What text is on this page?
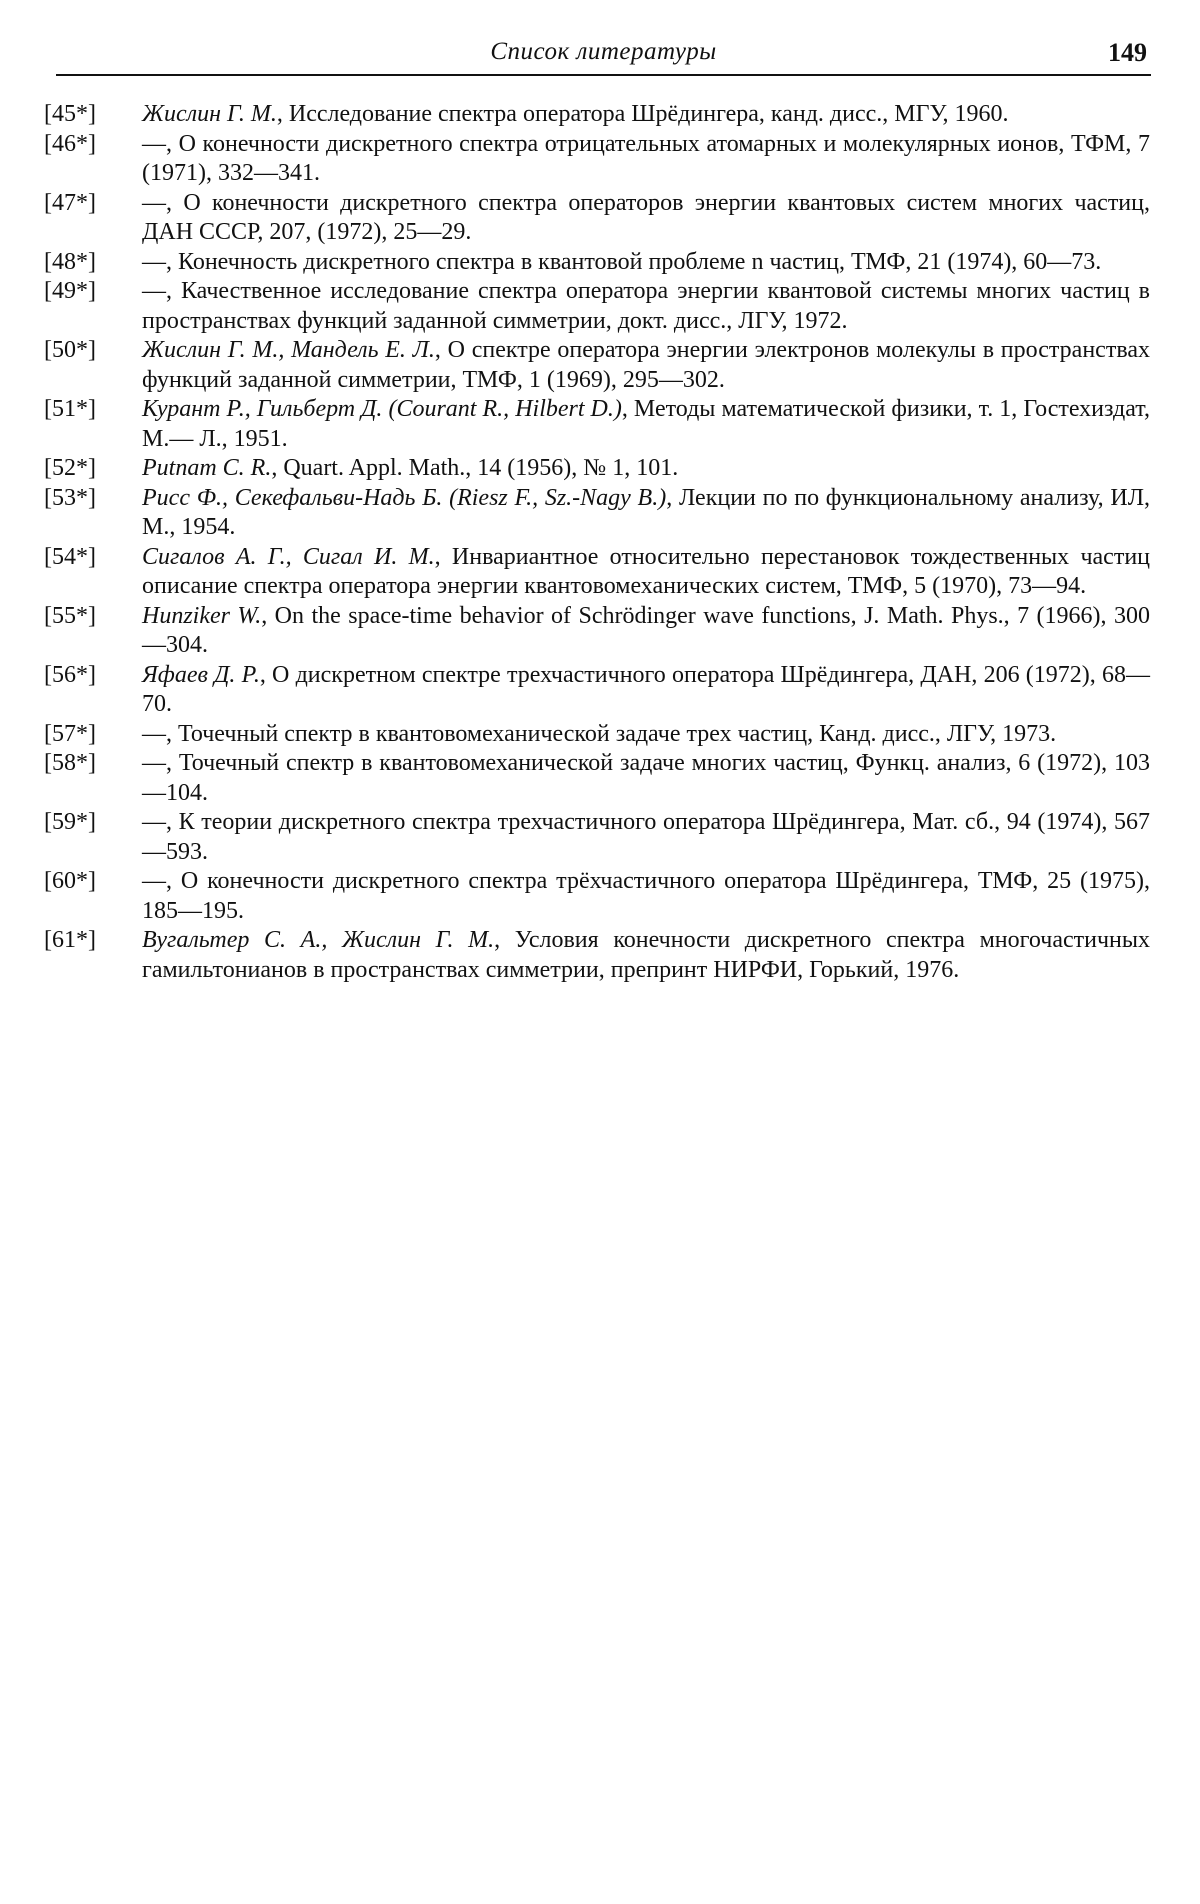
Список литературы	149
[45*]	Жислин Г. М., Исследование спектра оператора Шрёдингера, канд. дисс., МГУ, 1960.
[46*]	—, О конечности дискретного спектра отрицательных атомарных и молекулярных ионов, ТФМ, 7 (1971), 332—341.
[47*]	—, О конечности дискретного спектра операторов энергии квантовых систем многих частиц, ДАН СССР, 207, (1972), 25—29.
[48*]	—, Конечность дискретного спектра в квантовой проблеме n частиц, ТМФ, 21 (1974), 60—73.
[49*]	—, Качественное исследование спектра оператора энергии квантовой системы многих частиц в пространствах функций заданной симметрии, докт. дисс., ЛГУ, 1972.
[50*]	Жислин Г. М., Мандель Е. Л., О спектре оператора энергии электронов молекулы в пространствах функций заданной симметрии, ТМФ, 1 (1969), 295—302.
[51*]	Курант Р., Гильберт Д. (Courant R., Hilbert D.), Методы математической физики, т. 1, Гостехиздат, М.— Л., 1951.
[52*]	Putnam C. R., Quart. Appl. Math., 14 (1956), № 1, 101.
[53*]	Рисс Ф., Секефальви-Надь Б. (Riesz F., Sz.-Nagy B.), Лекции по по функциональному анализу, ИЛ, М., 1954.
[54*]	Сигалов А. Г., Сигал И. М., Инвариантное относительно перестановок тождественных частиц описание спектра оператора энергии квантовомеханических систем, ТМФ, 5 (1970), 73—94.
[55*]	Hunziker W., On the space-time behavior of Schrödinger wave functions, J. Math. Phys., 7 (1966), 300—304.
[56*]	Яфаев Д. Р., О дискретном спектре трехчастичного оператора Шрёдингера, ДАН, 206 (1972), 68—70.
[57*]	—, Точечный спектр в квантовомеханической задаче трех частиц, Канд. дисс., ЛГУ, 1973.
[58*]	—, Точечный спектр в квантовомеханической задаче многих частиц, Функц. анализ, 6 (1972), 103—104.
[59*]	—, К теории дискретного спектра трехчастичного оператора Шрёдингера, Мат. сб., 94 (1974), 567—593.
[60*]	—, О конечности дискретного спектра трёхчастичного оператора Шрёдингера, ТМФ, 25 (1975), 185—195.
[61*]	Вугальтер С. А., Жислин Г. М., Условия конечности дискретного спектра многочастичных гамильтонианов в пространствах симметрии, препринт НИРФИ, Горький, 1976.
